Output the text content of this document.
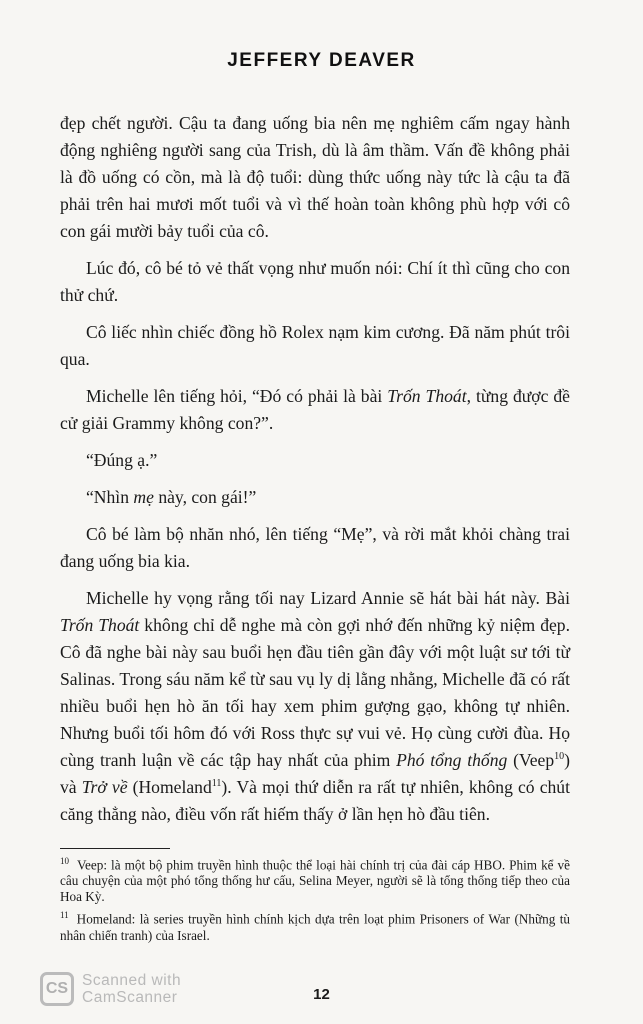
JEFFERY DEAVER

đẹp chết người. Cậu ta đang uống bia nên mẹ nghiêm cấm ngay hành động nghiêng người sang của Trish, dù là âm thầm. Vấn đề không phải là đồ uống có cồn, mà là độ tuổi: dùng thức uống này tức là cậu ta đã phải trên hai mươi mốt tuổi và vì thế hoàn toàn không phù hợp với cô con gái mười bảy tuổi của cô.

Lúc đó, cô bé tỏ vẻ thất vọng như muốn nói: Chí ít thì cũng cho con thử chứ.

Cô liếc nhìn chiếc đồng hồ Rolex nạm kim cương. Đã năm phút trôi qua.

Michelle lên tiếng hỏi, “Đó có phải là bài Trốn Thoát, từng được đề cử giải Grammy không con?”.

“Đúng ạ.”

“Nhìn mẹ này, con gái!”

Cô bé làm bộ nhăn nhó, lên tiếng “Mẹ”, và rời mắt khỏi chàng trai đang uống bia kia.

Michelle hy vọng rằng tối nay Lizard Annie sẽ hát bài hát này. Bài Trốn Thoát không chỉ dễ nghe mà còn gợi nhớ đến những kỷ niệm đẹp. Cô đã nghe bài này sau buổi hẹn đầu tiên gần đây với một luật sư tới từ Salinas. Trong sáu năm kể từ sau vụ ly dị lằng nhằng, Michelle đã có rất nhiều buổi hẹn hò ăn tối hay xem phim gượng gạo, không tự nhiên. Nhưng buổi tối hôm đó với Ross thực sự vui vẻ. Họ cùng cười đùa. Họ cùng tranh luận về các tập hay nhất của phim Phó tổng thống (Veep$^{10}$) và Trở về (Homeland$^{11}$). Và mọi thứ diễn ra rất tự nhiên, không có chút căng thẳng nào, điều vốn rất hiếm thấy ở lần hẹn hò đầu tiên.

$^{10}$ Veep: là một bộ phim truyền hình thuộc thể loại hài chính trị của đài cáp HBO. Phim kể về câu chuyện của một phó tổng thống hư cấu, Selina Meyer, người sẽ là tổng thống tiếp theo của Hoa Kỳ.
$^{11}$ Homeland: là series truyền hình chính kịch dựa trên loạt phim Prisoners of War (Những tù nhân chiến tranh) của Israel.
CS Scanned with
CamScanner	12
